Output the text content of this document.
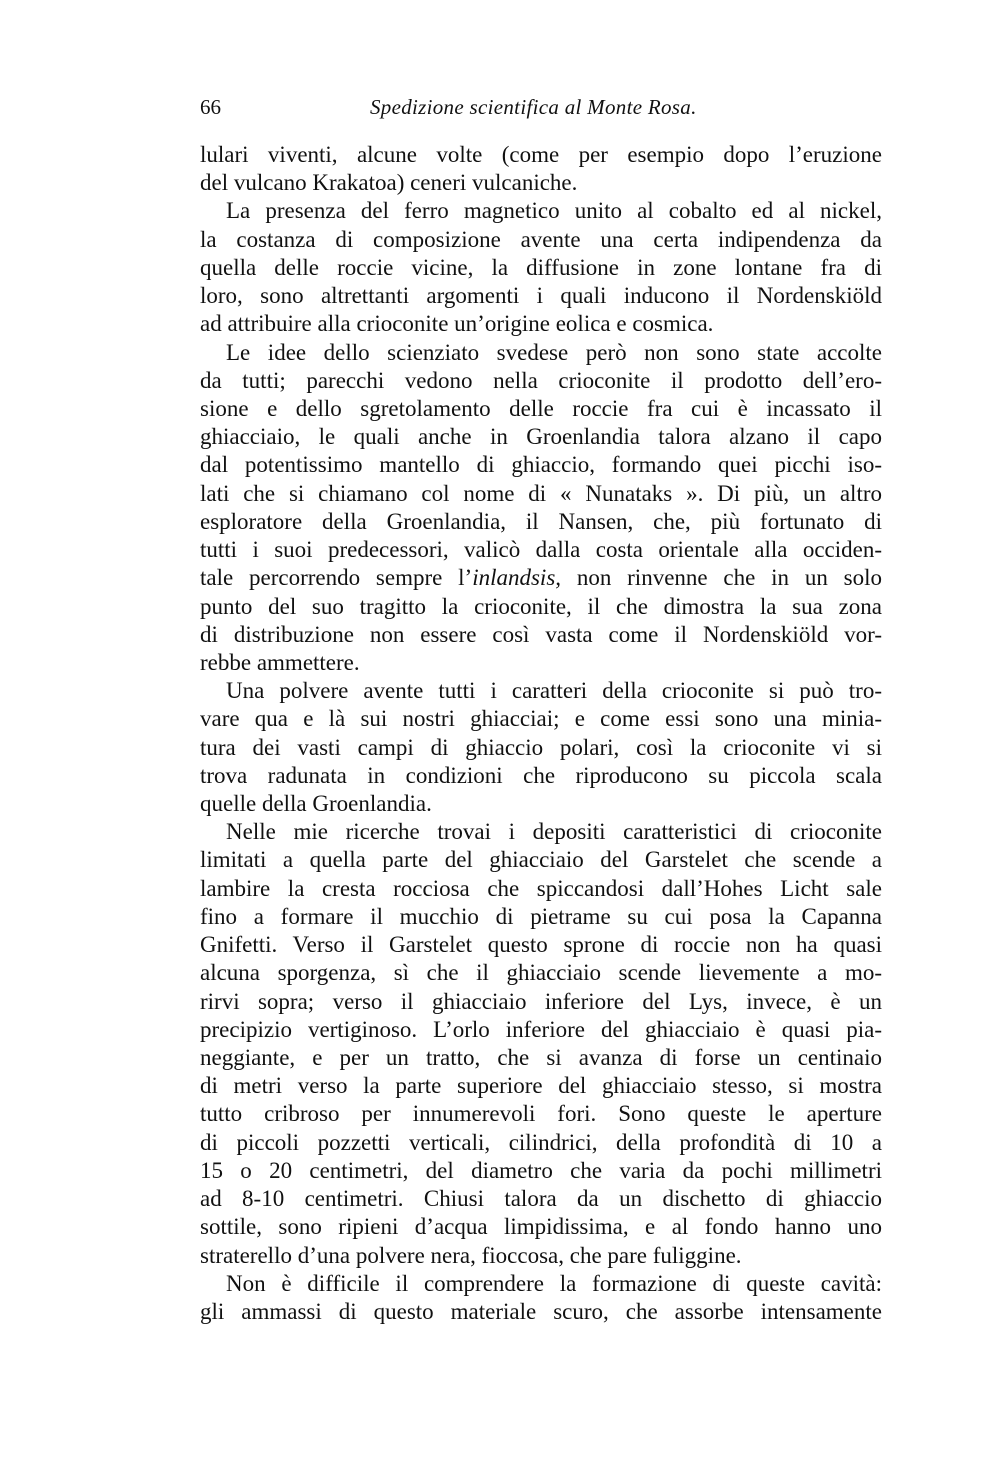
66	Spedizione scientifica al Monte Rosa.
lulari viventi, alcune volte (come per esempio dopo l’eruzione
del vulcano Krakatoa) ceneri vulcaniche.
La presenza del ferro magnetico unito al cobalto ed al nickel,
la costanza di composizione avente una certa indipendenza da
quella delle roccie vicine, la diffusione in zone lontane fra di
loro, sono altrettanti argomenti i quali inducono il Nordenskiöld
ad attribuire alla crioconite un’origine eolica e cosmica.
Le idee dello scienziato svedese però non sono state accolte
da tutti; parecchi vedono nella crioconite il prodotto dell’ero-
sione e dello sgretolamento delle roccie fra cui è incassato il
ghiacciaio, le quali anche in Groenlandia talora alzano il capo
dal potentissimo mantello di ghiaccio, formando quei picchi iso-
lati che si chiamano col nome di « Nunataks ». Di più, un altro
esploratore della Groenlandia, il Nansen, che, più fortunato di
tutti i suoi predecessori, valicò dalla costa orientale alla occiden-
tale percorrendo sempre l’inlandsis, non rinvenne che in un solo
punto del suo tragitto la crioconite, il che dimostra la sua zona
di distribuzione non essere così vasta come il Nordenskiöld vor-
rebbe ammettere.
Una polvere avente tutti i caratteri della crioconite si può tro-
vare qua e là sui nostri ghiacciai; e come essi sono una minia-
tura dei vasti campi di ghiaccio polari, così la crioconite vi si
trova radunata in condizioni che riproducono su piccola scala
quelle della Groenlandia.
Nelle mie ricerche trovai i depositi caratteristici di crioconite
limitati a quella parte del ghiacciaio del Garstelet che scende a
lambire la cresta rocciosa che spiccandosi dall’Hohes Licht sale
fino a formare il mucchio di pietrame su cui posa la Capanna
Gnifetti. Verso il Garstelet questo sprone di roccie non ha quasi
alcuna sporgenza, sì che il ghiacciaio scende lievemente a mo-
rirvi sopra; verso il ghiacciaio inferiore del Lys, invece, è un
precipizio vertiginoso. L’orlo inferiore del ghiacciaio è quasi pia-
neggiante, e per un tratto, che si avanza di forse un centinaio
di metri verso la parte superiore del ghiacciaio stesso, si mostra
tutto cribroso per innumerevoli fori. Sono queste le aperture
di piccoli pozzetti verticali, cilindrici, della profondità di 10 a
15 o 20 centimetri, del diametro che varia da pochi millimetri
ad 8-10 centimetri. Chiusi talora da un dischetto di ghiaccio
sottile, sono ripieni d’acqua limpidissima, e al fondo hanno uno
straterello d’una polvere nera, fioccosa, che pare fuliggine.
Non è difficile il comprendere la formazione di queste cavità:
gli ammassi di questo materiale scuro, che assorbe intensamente
